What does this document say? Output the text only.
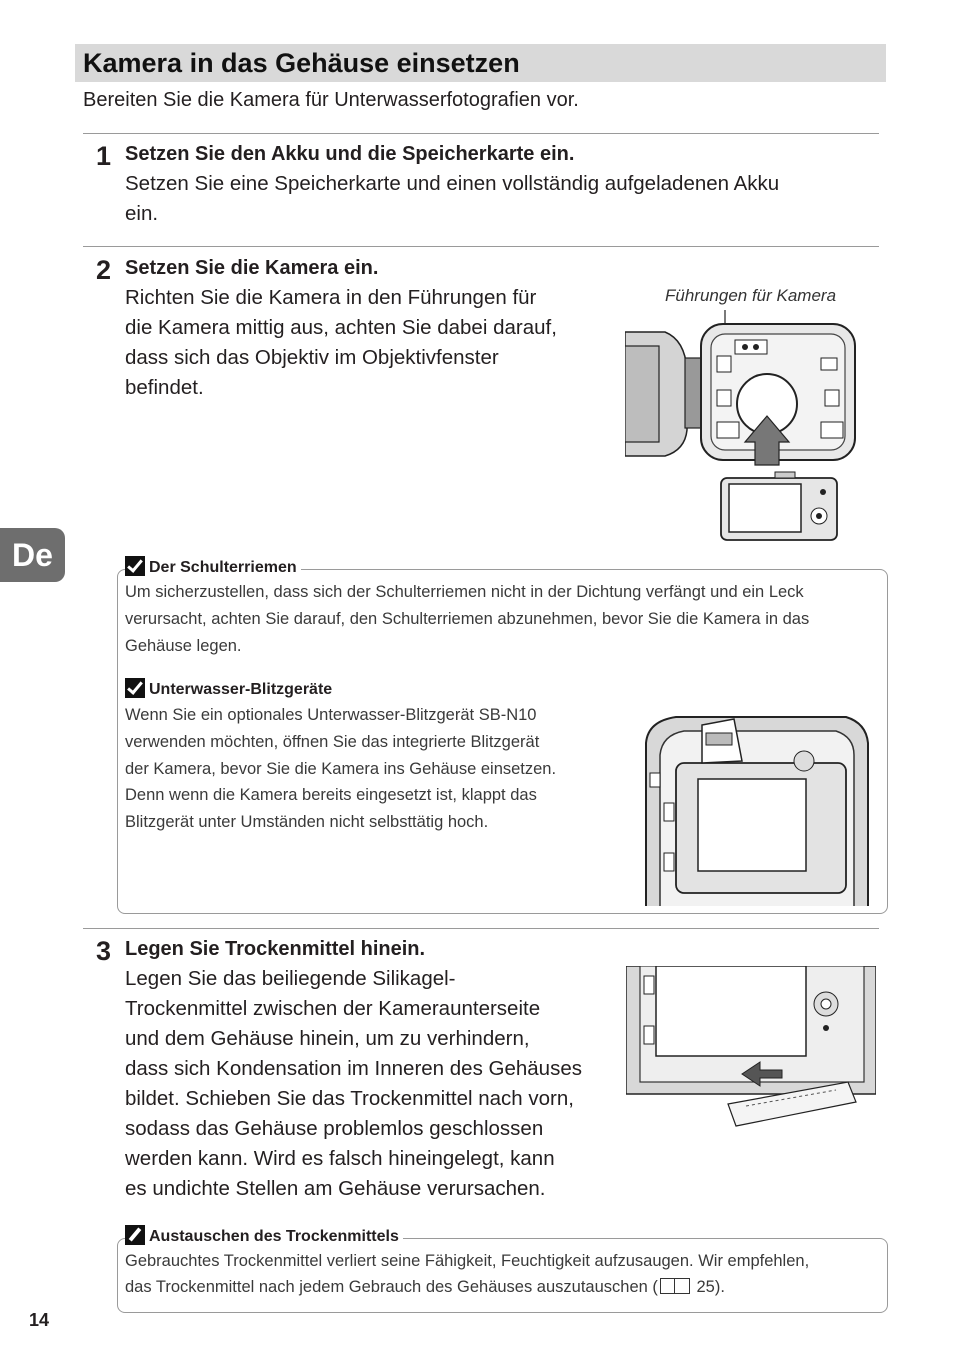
Kamera in das Gehäuse einsetzen
Bereiten Sie die Kamera für Unterwasserfotografien vor.
1 Setzen Sie den Akku und die Speicherkarte ein.
Setzen Sie eine Speicherkarte und einen vollständig aufgeladenen Akku
ein.
2 Setzen Sie die Kamera ein.
Richten Sie die Kamera in den Führungen für
die Kamera mittig aus, achten Sie dabei darauf,
dass sich das Objektiv im Objektivfenster
befindet.
Führungen für Kamera
De	Der Schulterriemen
Um sicherzustellen, dass sich der Schulterriemen nicht in der Dichtung verfängt und ein Leck
verursacht, achten Sie darauf, den Schulterriemen abzunehmen, bevor Sie die Kamera in das
Gehäuse legen.
Unterwasser-Blitzgeräte
Wenn Sie ein optionales Unterwasser-Blitzgerät SB-N10
verwenden möchten, öffnen Sie das integrierte Blitzgerät
der Kamera, bevor Sie die Kamera ins Gehäuse einsetzen.
Denn wenn die Kamera bereits eingesetzt ist, klappt das
Blitzgerät unter Umständen nicht selbsttätig hoch.
3 Legen Sie Trockenmittel hinein.
Legen Sie das beiliegende Silikagel-
Trockenmittel zwischen der Kameraunterseite
und dem Gehäuse hinein, um zu verhindern,
dass sich Kondensation im Inneren des Gehäuses
bildet. Schieben Sie das Trockenmittel nach vorn,
sodass das Gehäuse problemlos geschlossen
werden kann. Wird es falsch hineingelegt, kann
es undichte Stellen am Gehäuse verursachen.
Austauschen des Trockenmittels
Gebrauchtes Trockenmittel verliert seine Fähigkeit, Feuchtigkeit aufzusaugen. Wir empfehlen,
das Trockenmittel nach jedem Gebrauch des Gehäuses auszutauschen ( 25).
14
